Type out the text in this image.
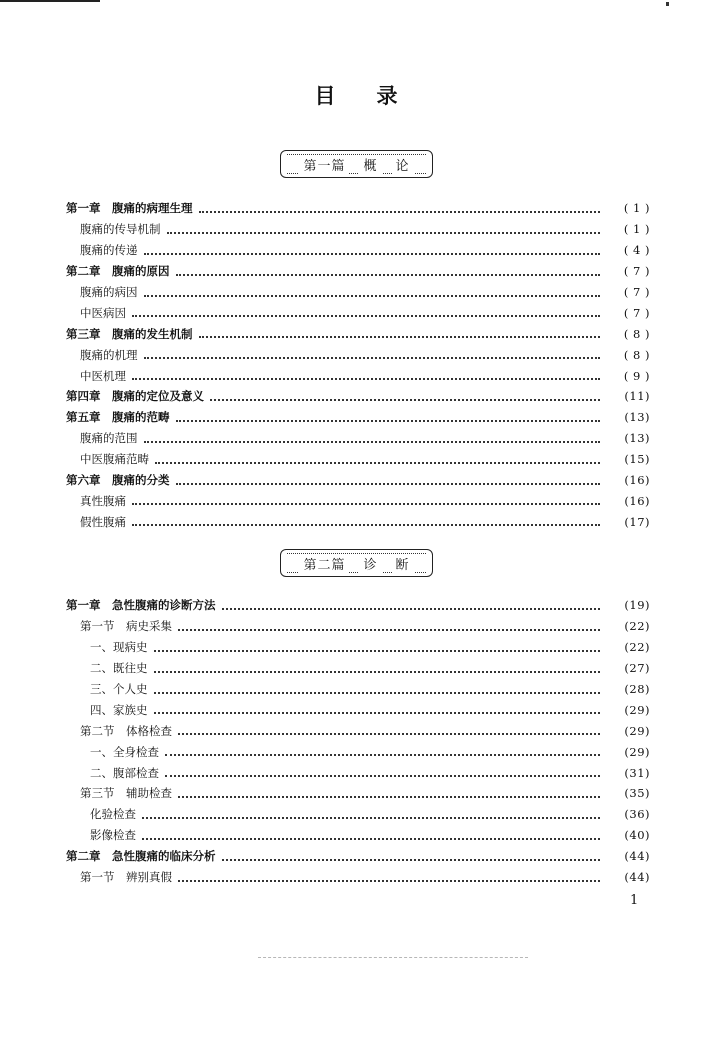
目 录
第一篇	概	论
第一章　腹痛的病理生理	( 1 )
腹痛的传导机制	( 1 )
腹痛的传递	( 4 )
第二章　腹痛的原因	( 7 )
腹痛的病因	( 7 )
中医病因	( 7 )
第三章　腹痛的发生机制	( 8 )
腹痛的机理	( 8 )
中医机理	( 9 )
第四章　腹痛的定位及意义	(11)
第五章　腹痛的范畴	(13)
腹痛的范围	(13)
中医腹痛范畴	(15)
第六章　腹痛的分类	(16)
真性腹痛	(16)
假性腹痛	(17)
第二篇	诊	断
第一章　急性腹痛的诊断方法	(19)
第一节　病史采集	(22)
一、现病史	(22)
二、既往史	(27)
三、个人史	(28)
四、家族史	(29)
第二节　体格检查	(29)
一、全身检查	(29)
二、腹部检查	(31)
第三节　辅助检查	(35)
化验检查	(36)
影像检查	(40)
第二章　急性腹痛的临床分析	(44)
第一节　辨别真假	(44)
1
